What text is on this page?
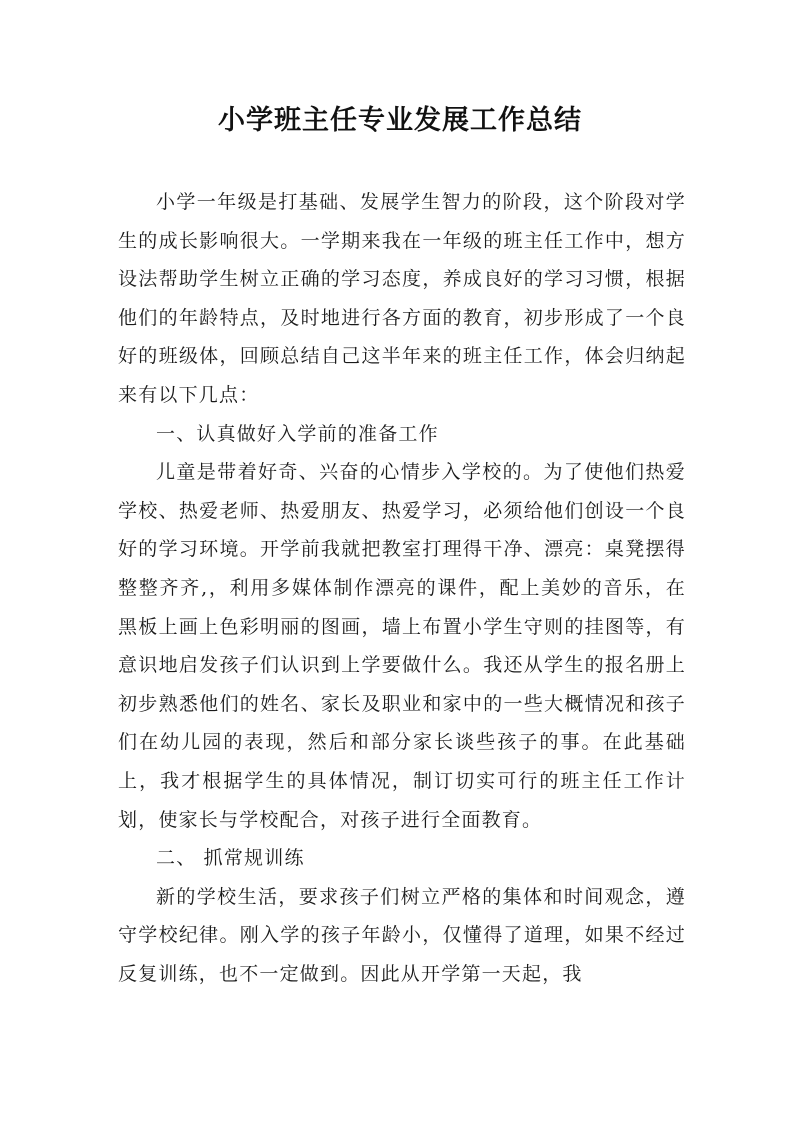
小学班主任专业发展工作总结

小学一年级是打基础、发展学生智力的阶段，这个阶段对学生的成长影响很大。一学期来我在一年级的班主任工作中，想方设法帮助学生树立正确的学习态度，养成良好的学习习惯，根据他们的年龄特点，及时地进行各方面的教育，初步形成了一个良好的班级体，回顾总结自己这半年来的班主任工作，体会归纳起来有以下几点：

一、认真做好入学前的准备工作

儿童是带着好奇、兴奋的心情步入学校的。为了使他们热爱学校、热爱老师、热爱朋友、热爱学习，必须给他们创设一个良好的学习环境。开学前我就把教室打理得干净、漂亮：桌凳摆得整整齐齐,，利用多媒体制作漂亮的课件，配上美妙的音乐，在黑板上画上色彩明丽的图画，墙上布置小学生守则的挂图等，有意识地启发孩子们认识到上学要做什么。我还从学生的报名册上初步熟悉他们的姓名、家长及职业和家中的一些大概情况和孩子们在幼儿园的表现，然后和部分家长谈些孩子的事。在此基础上，我才根据学生的具体情况，制订切实可行的班主任工作计划，使家长与学校配合，对孩子进行全面教育。

二、 抓常规训练

新的学校生活，要求孩子们树立严格的集体和时间观念，遵守学校纪律。刚入学的孩子年龄小，仅懂得了道理，如果不经过反复训练，也不一定做到。因此从开学第一天起，我
